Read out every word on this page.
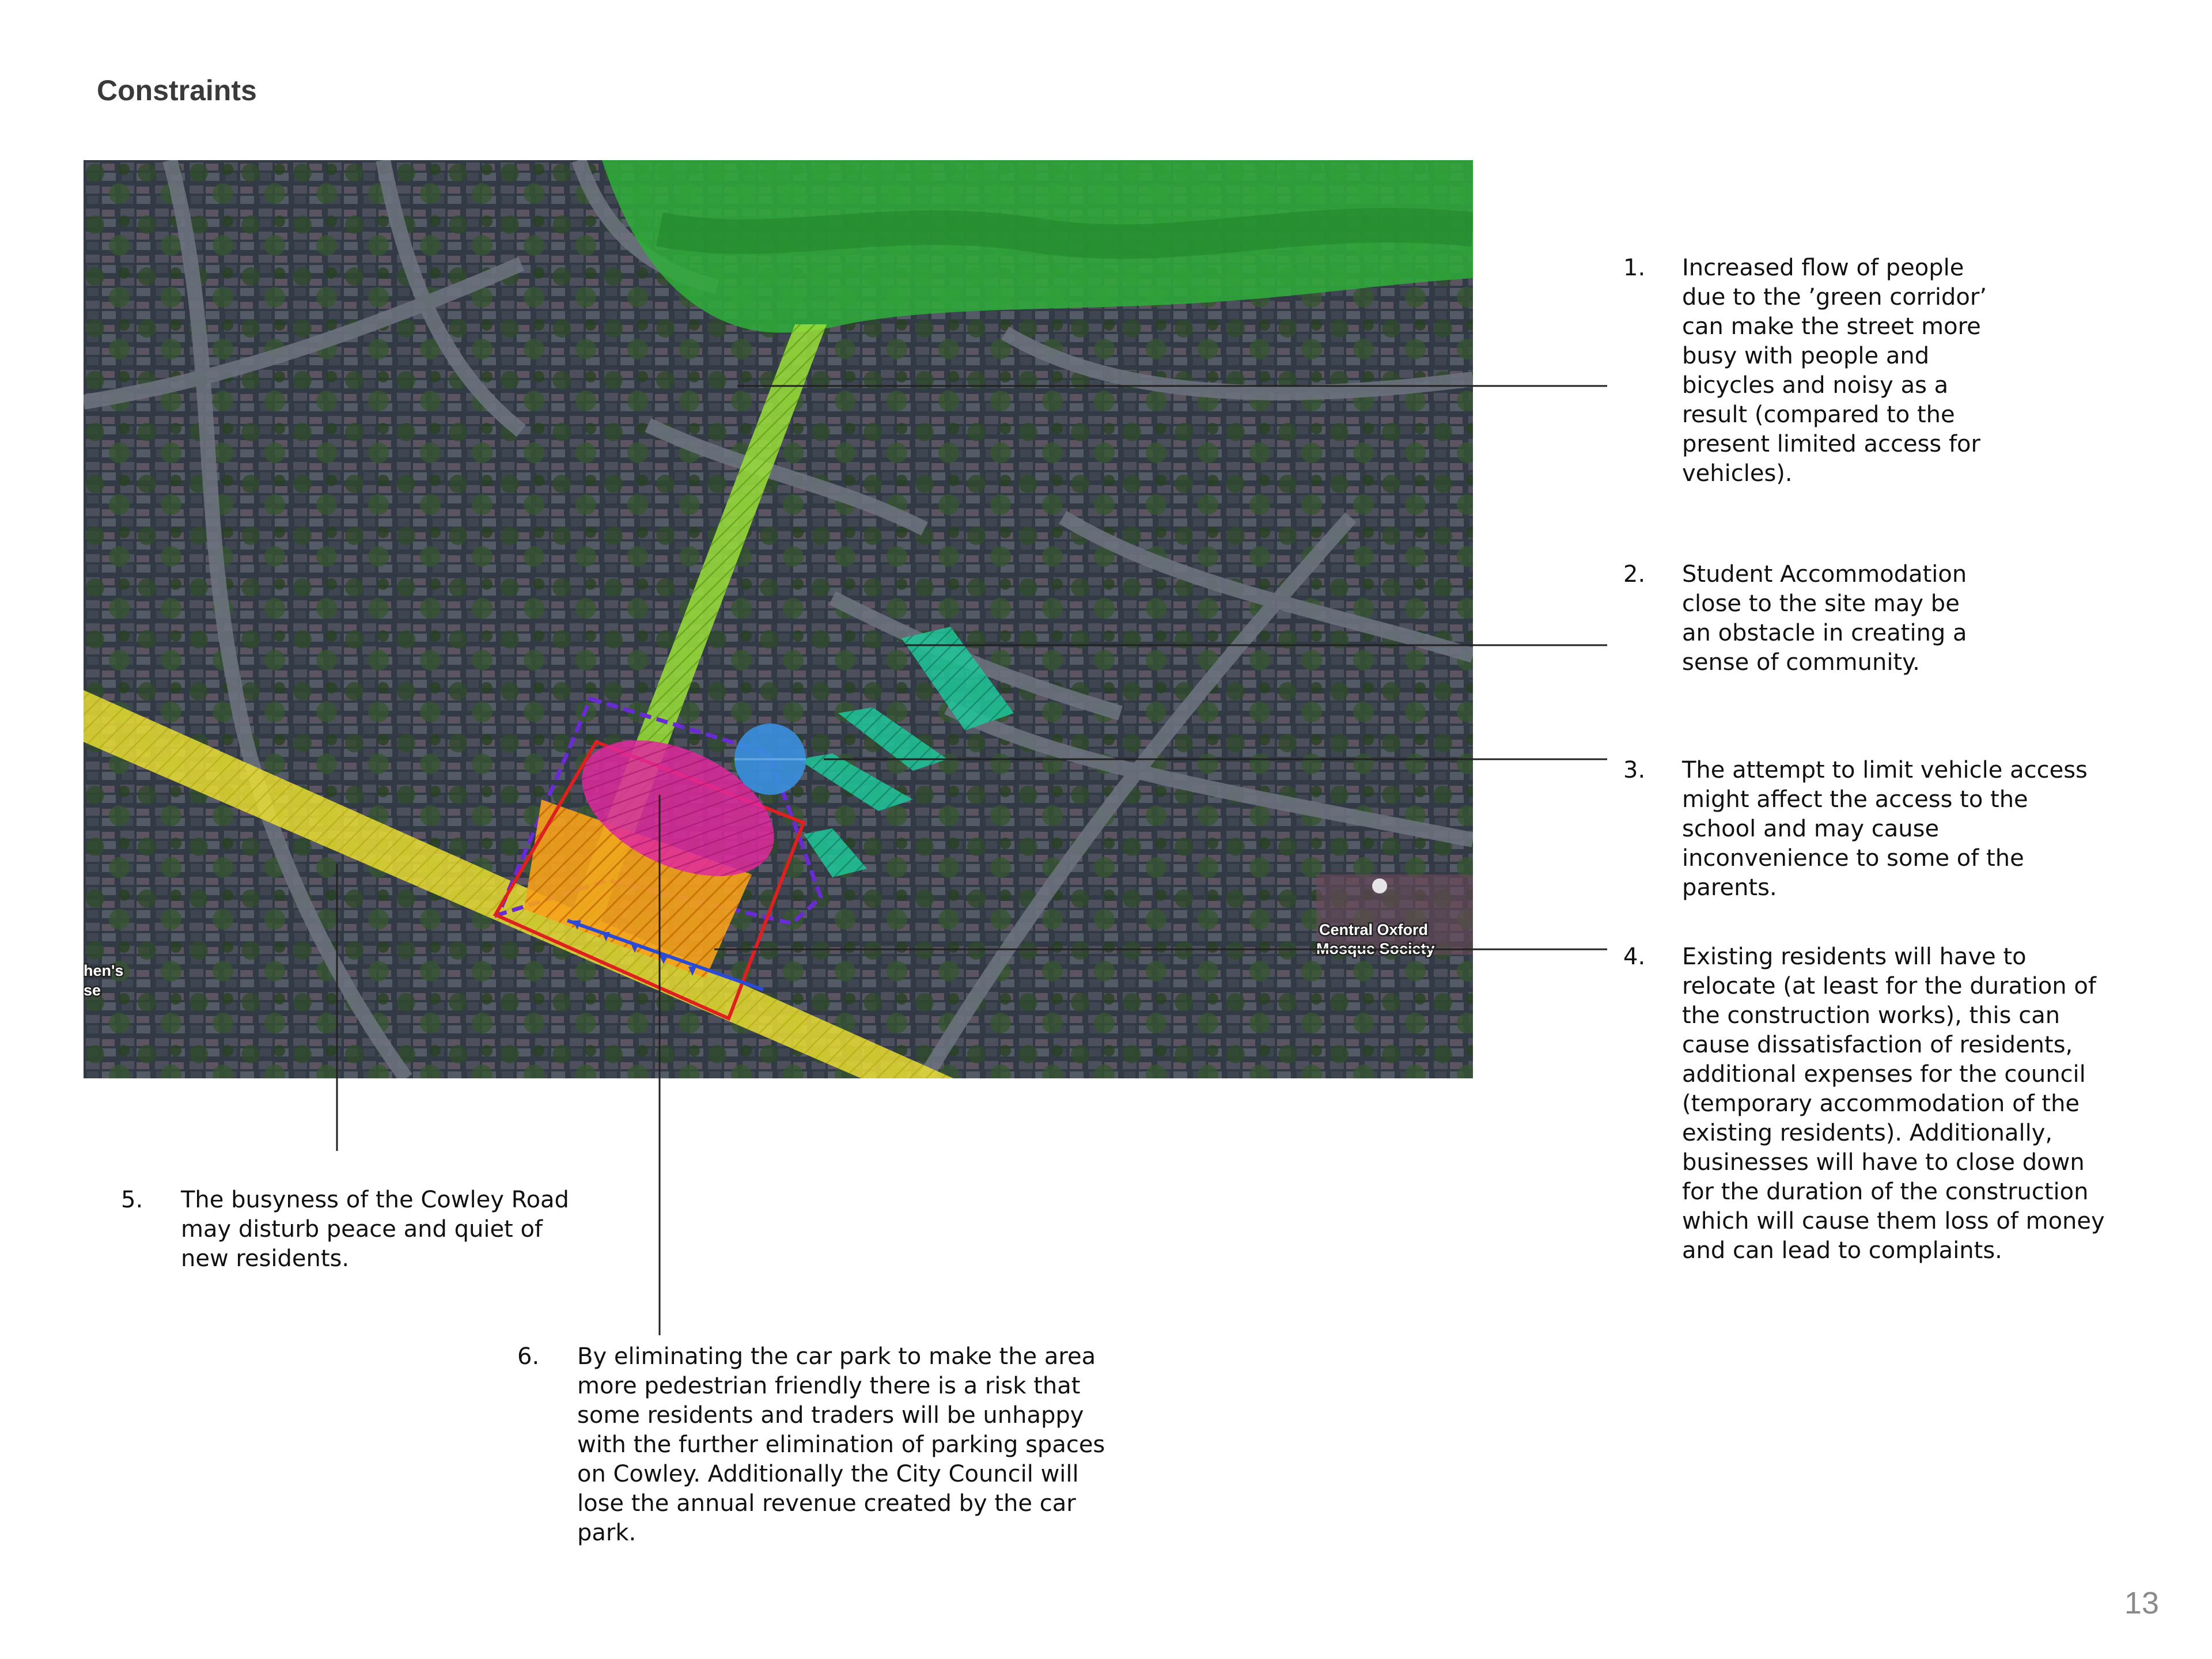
Constraints
Central Oxford
Mosque Society
hen's
se
1. Increased flow of people due to the ’green corridor’ can make the street more busy with people and bicycles and noisy as a result (compared to the present limited access for vehicles).
2. Student Accommodation close to the site may be an obstacle in creating a sense of community.
3. The attempt to limit vehicle access might affect the access to the school and may cause inconvenience to some of the parents.
4. Existing residents will have to relocate (at least for the duration of the construction works), this can cause dissatisfaction of residents, additional expenses for the council (temporary accommodation of the existing residents). Additionally, businesses will have to close down for the duration of the construction which will cause them loss of money and can lead to complaints.
5. The busyness of the Cowley Road may disturb peace and quiet of new residents.
6. By eliminating the car park to make the area more pedestrian friendly there is a risk that some residents and traders will be unhappy with the further elimination of parking spaces on Cowley. Additionally the City Council will lose the annual revenue created by the car park.
13
